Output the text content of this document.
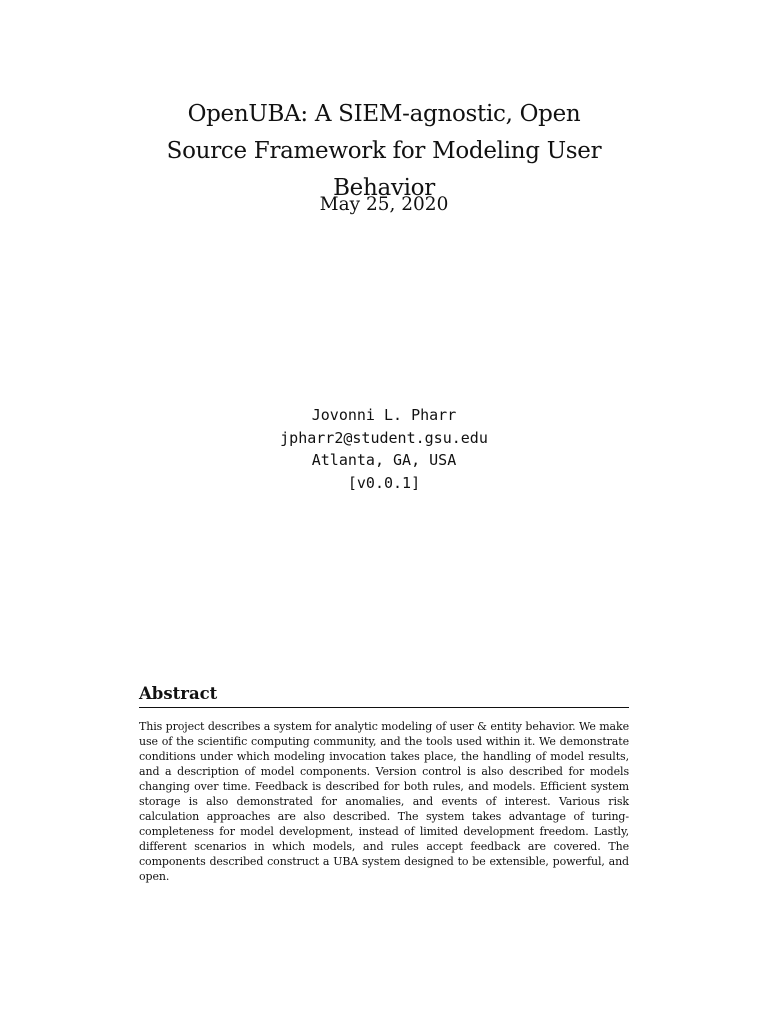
OpenUBA: A SIEM-agnostic, Open Source Framework for Modeling User Behavior
May 25, 2020
Jovonni L. Pharr
jpharr2@student.gsu.edu
Atlanta, GA, USA
[v0.0.1]
Abstract

This project describes a system for analytic modeling of user & entity behavior. We make use of the scientific computing community, and the tools used within it. We demonstrate conditions under which modeling invocation takes place, the handling of model results, and a description of model components. Version control is also described for models changing over time. Feedback is described for both rules, and models. Efficient system storage is also demonstrated for anomalies, and events of interest. Various risk calculation approaches are also described. The system takes advantage of turing-completeness for model development, instead of limited development freedom. Lastly, different scenarios in which models, and rules accept feedback are covered. The components described construct a UBA system designed to be extensible, powerful, and open.
